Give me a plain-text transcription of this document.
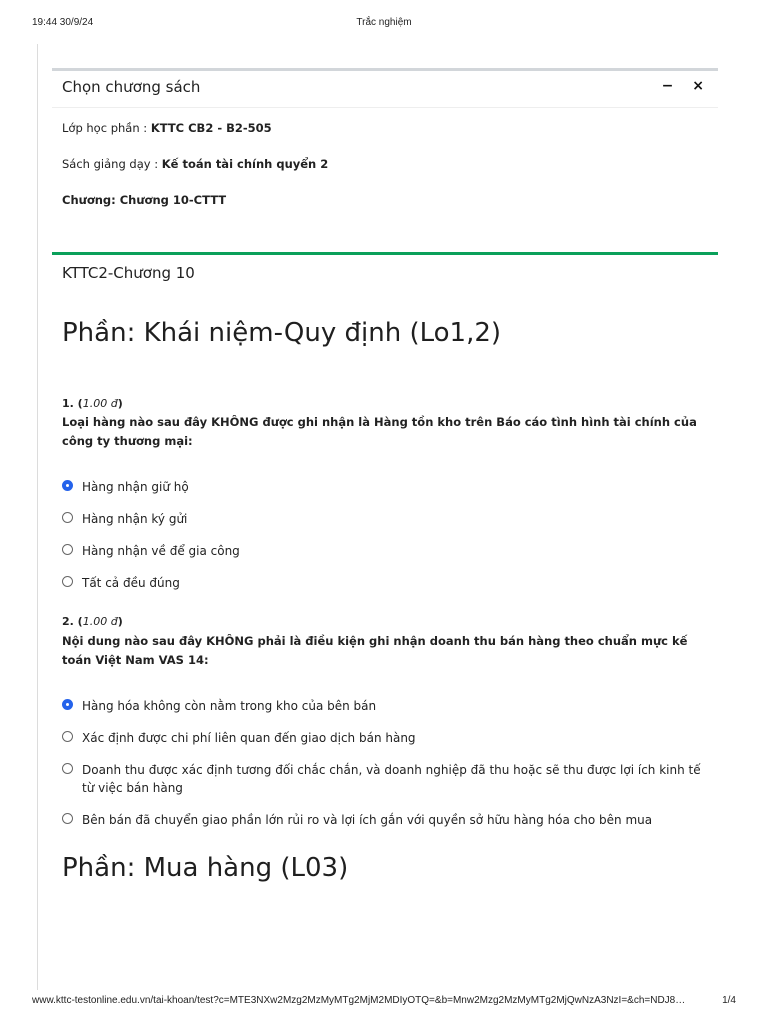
19:44 30/9/24	Trắc nghiệm
Chọn chương sách	− ×
Lớp học phần : KTTC CB2 - B2-505
Sách giảng dạy : Kế toán tài chính quyển 2
Chương: Chương 10-CTTT
KTTC2-Chương 10
Phần: Khái niệm-Quy định (Lo1,2)
1. (1.00 đ)
Loại hàng nào sau đây KHÔNG được ghi nhận là Hàng tồn kho trên Báo cáo tình hình tài chính của công ty thương mại:
Hàng nhận giữ hộ
Hàng nhận ký gửi
Hàng nhận về để gia công
Tất cả đều đúng
2. (1.00 đ)
Nội dung nào sau đây KHÔNG phải là điều kiện ghi nhận doanh thu bán hàng theo chuẩn mực kế toán Việt Nam VAS 14:
Hàng hóa không còn nằm trong kho của bên bán
Xác định được chi phí liên quan đến giao dịch bán hàng
Doanh thu được xác định tương đối chắc chắn, và doanh nghiệp đã thu hoặc sẽ thu được lợi ích kinh tế từ việc bán hàng
Bên bán đã chuyển giao phần lớn rủi ro và lợi ích gắn với quyền sở hữu hàng hóa cho bên mua
Phần: Mua hàng (L03)
www.kttc-testonline.edu.vn/tai-khoan/test?c=MTE3NXw2Mzg2MzMyMTg2MjM2MDIyOTQ=&b=Mnw2Mzg2MzMyMTg2MjQwNzA3NzI=&ch=NDJ8…	1/4
